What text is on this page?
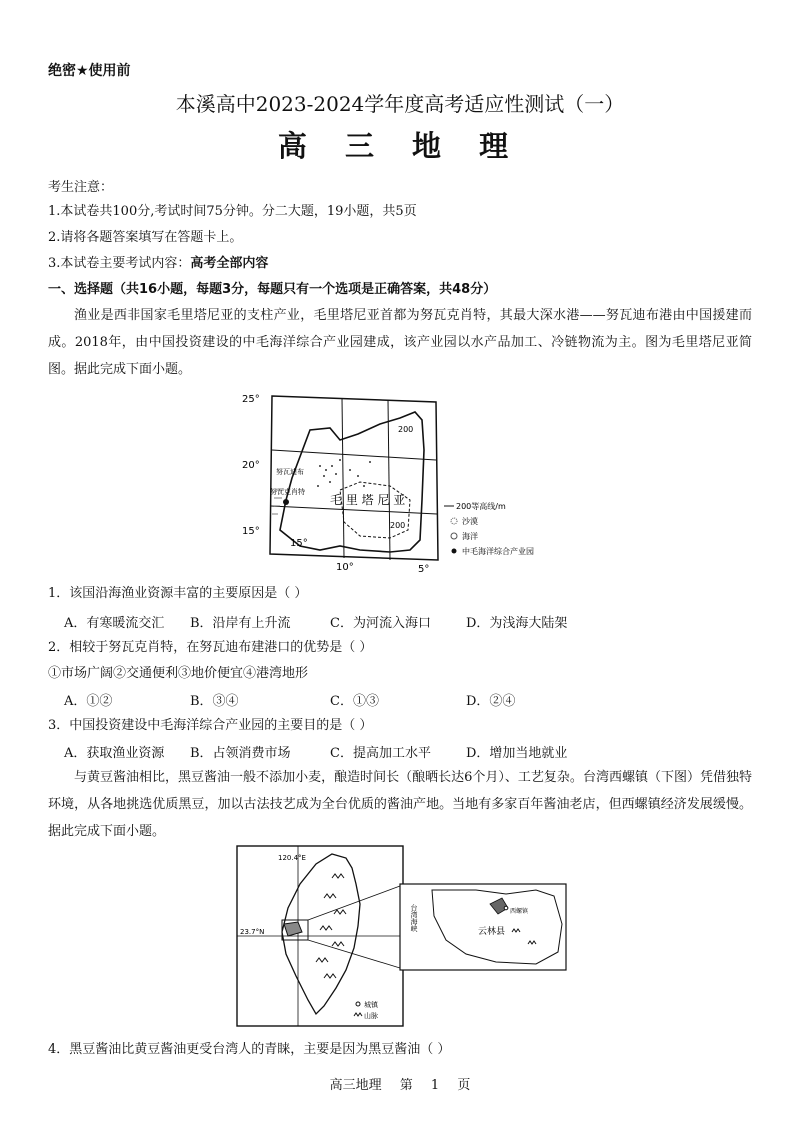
绝密★使用前
本溪高中2023-2024学年度高考适应性测试（一）
高 三 地 理
考生注意：
1.本试卷共100分,考试时间75分钟。分二大题，19小题，共5页
2.请将各题答案填写在答题卡上。
3.本试卷主要考试内容：高考全部内容
一、选择题（共16小题，每题3分，每题只有一个选项是正确答案，共48分）
渔业是西非国家毛里塔尼亚的支柱产业，毛里塔尼亚首都为努瓦克肖特，其最大深水港——努瓦迪布港由中国援建而成。2018年，由中国投资建设的中毛海洋综合产业园建成，该产业园以水产品加工、冷链物流为主。图为毛里塔尼亚简图。据此完成下面小题。
25°
20°
15°
15°
10°	5°
200
200
努瓦迪布
努瓦克肖特
毛 里 塔 尼 亚	200等高线/m
沙漠
海洋
中毛海洋综合产业园
1．该国沿海渔业资源丰富的主要原因是（ ）
A．有寒暖流交汇 B．沿岸有上升流	C．为河流入海口	D．为浅海大陆架
2．相较于努瓦克肖特，在努瓦迪布建港口的优势是（ ）
①市场广阔②交通便利③地价便宜④港湾地形
A．①②	B．③④	C．①③	D．②④
3．中国投资建设中毛海洋综合产业园的主要目的是（ ）
A．获取渔业资源 B．占领消费市场	C．提高加工水平	D．增加当地就业
与黄豆酱油相比，黑豆酱油一般不添加小麦，酿造时间长（酿晒长达6个月）、工艺复杂。台湾西螺镇（下图）凭借独特环境，从各地挑选优质黑豆，加以古法技艺成为全台优质的酱油产地。当地有多家百年酱油老店，但西螺镇经济发展缓慢。据此完成下面小题。
120.4°E
23.7°N
城镇
山脉
西螺镇
云林县
台湾海峡
4．黑豆酱油比黄豆酱油更受台湾人的青睐，主要是因为黑豆酱油（ ）
高三地理 第 1 页
